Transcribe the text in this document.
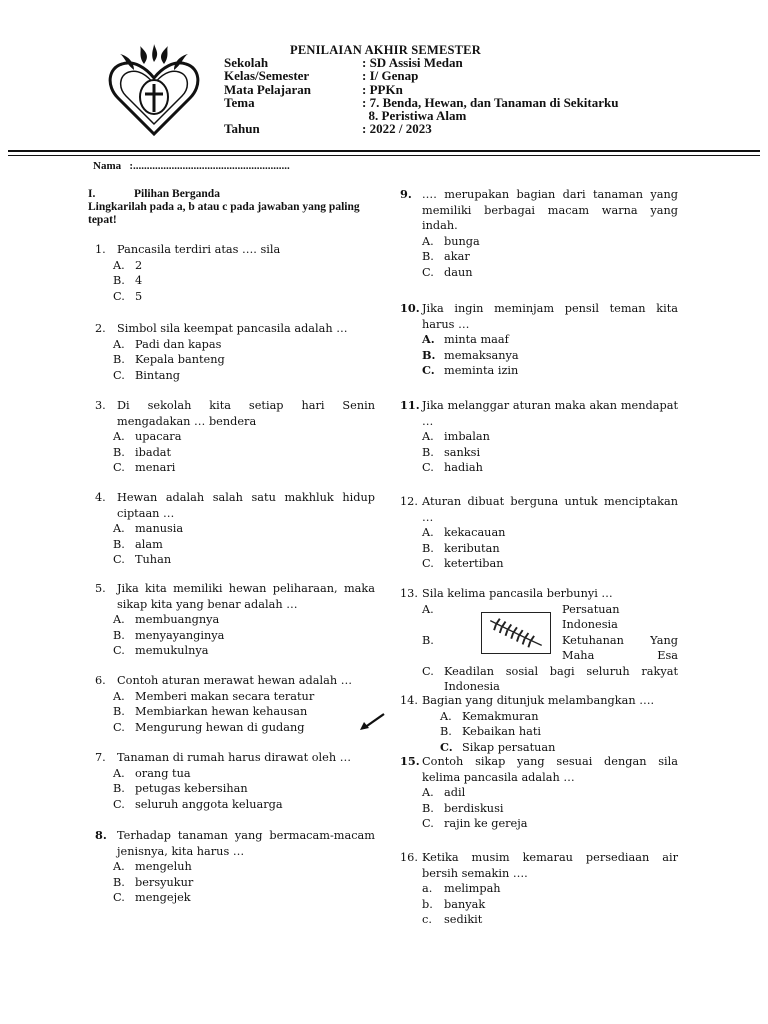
PENILAIAN AKHIR SEMESTER
Sekolah	: SD Assisi Medan
Kelas/Semester	: I/ Genap
Mata Pelajaran	: PPKn
Tema	: 7. Benda, Hewan, dan Tanaman di Sekitarku
8. Peristiwa Alam
Tahun	: 2022 / 2023
Nama   :.........................................................
I.	Pilihan Berganda
Lingkarilah pada a, b atau c pada jawaban yang paling tepat!
1. Pancasila terdiri atas …. sila
A. 2
B. 4
C. 5
2. Simbol sila keempat pancasila adalah …
A. Padi dan kapas
B. Kepala banteng
C. Bintang
3. Di sekolah kita setiap hari Senin mengadakan … bendera
A. upacara
B. ibadat
C. menari
4. Hewan adalah salah satu makhluk hidup ciptaan …
A. manusia
B. alam
C. Tuhan
5. Jika kita memiliki hewan peliharaan, maka sikap kita yang benar adalah …
A. membuangnya
B. menyayanginya
C. memukulnya
6. Contoh aturan merawat hewan adalah …
A. Memberi makan secara teratur
B. Membiarkan hewan kehausan
C. Mengurung hewan di gudang
7. Tanaman di rumah harus dirawat oleh …
A. orang tua
B. petugas kebersihan
C. seluruh anggota keluarga
8. Terhadap tanaman yang bermacam-macam jenisnya, kita harus …
A. mengeluh
B. bersyukur
C. mengejek
9. .… merupakan bagian dari tanaman yang memiliki berbagai macam warna yang indah.
A. bunga
B. akar
C. daun
10. Jika ingin meminjam pensil teman kita harus …
A. minta maaf
B. memaksanya
C. meminta izin
11. Jika melanggar aturan maka akan mendapat …
A. imbalan
B. sanksi
C. hadiah
12. Aturan dibuat berguna untuk menciptakan …
A. kekacauan
B. keributan
C. ketertiban
13. Sila kelima pancasila berbunyi …
A.	Persatuan Indonesia
B.	Ketuhanan Yang Maha Esa
C. Keadilan sosial bagi seluruh rakyat Indonesia
14. Bagian yang ditunjuk melambangkan ….
A. Kemakmuran
B. Kebaikan hati
C. Sikap persatuan
15. Contoh sikap yang sesuai dengan sila kelima pancasila adalah …
A. adil
B. berdiskusi
C. rajin ke gereja
16. Ketika musim kemarau persediaan air bersih semakin ….
a.	melimpah
b. banyak
c.	sedikit
